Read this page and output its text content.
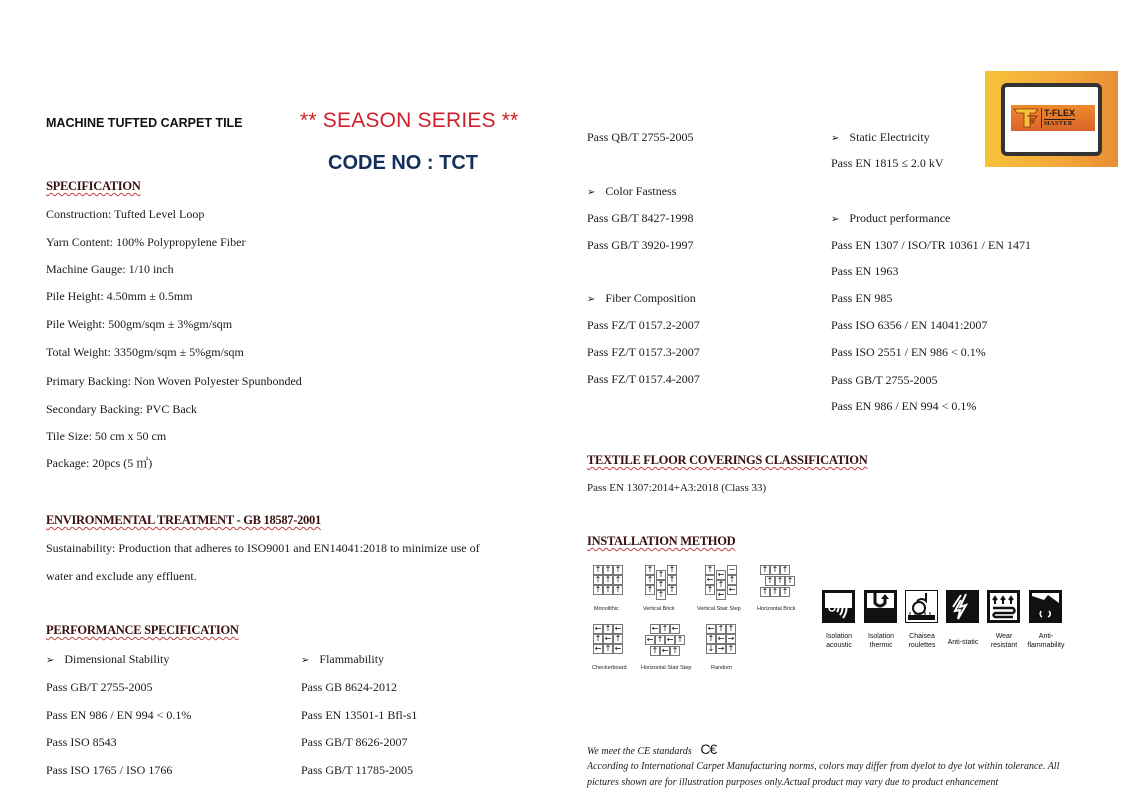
MACHINE TUFTED CARPET TILE	** SEASON SERIES **
CODE NO : TCT
T-FLEX
MASTER
SPECIFICATION
Construction: Tufted Level Loop
Yarn Content: 100% Polypropylene Fiber
Machine Gauge: 1/10 inch
Pile Height: 4.50mm ± 0.5mm
Pile Weight: 500gm/sqm ± 3%gm/sqm
Total Weight: 3350gm/sqm ± 5%gm/sqm
Primary Backing: Non Woven Polyester Spunbonded
Secondary Backing: PVC Back
Tile Size: 50 cm x 50 cm
Package: 20pcs (5 ㎡)
ENVIRONMENTAL TREATMENT - GB 18587-2001
Sustainability: Production that adheres to ISO9001 and EN14041:2018 to minimize use of
water and exclude any effluent.
PERFORMANCE SPECIFICATION
➢ Dimensional Stability
Pass GB/T 2755-2005
Pass EN 986 / EN 994 < 0.1%
Pass ISO 8543
Pass ISO 1765 / ISO 1766
➢ Flammability
Pass GB 8624-2012
Pass EN 13501-1 Bfl-s1
Pass GB/T 8626-2007
Pass GB/T 11785-2005
Pass QB/T 2755-2005
➢ Color Fastness
Pass GB/T 8427-1998
Pass GB/T 3920-1997
➢ Fiber Composition
Pass FZ/T 0157.2-2007
Pass FZ/T 0157.3-2007
Pass FZ/T 0157.4-2007
➢ Static Electricity
Pass EN 1815 ≤ 2.0 kV
➢ Product performance
Pass EN 1307 / ISO/TR 10361 / EN 1471
Pass EN 1963
Pass EN 985
Pass ISO 6356 / EN 14041:2007
Pass ISO 2551 / EN 986 < 0.1%
Pass GB/T 2755-2005
Pass EN 986 / EN 994 < 0.1%
TEXTILE FLOOR COVERINGS CLASSIFICATION
Pass EN 1307:2014+A3:2018 (Class 33)
INSTALLATION METHOD
↑ ↑ ↑
↑ ↑ ↑
↑ ↑ ↑
Monolithic
↑
↑
↑
↑
↑
↑
↑
↑
↑
Vertical Brick
↑
←
↑
←
↑
←
−
↑
←
Vertical Stair Step
↑ ↑ ↑
↑ ↑ ↑
↑ ↑ ↑
Horizontal Brick
← ↑ ←
↑ ← ↑
← ↑ ←
Checkerboard
← ↑ ←
← ↑ ← ↑
↑ ← ↑
Horizontal Stair Step
← ↑ ↑
↑ ← →
↓ → ↑
Random
Isolation
acoustic
Isolation
thermic
Chaisea
roulettes	Anti-static
Wear
resistant
Anti-
flammability
We meet the CE standards C€
According to International Carpet Manufacturing norms, colors may differ from dyelot to dye lot within tolerance. All
pictures shown are for illustration purposes only.Actual product may vary due to product enhancement
